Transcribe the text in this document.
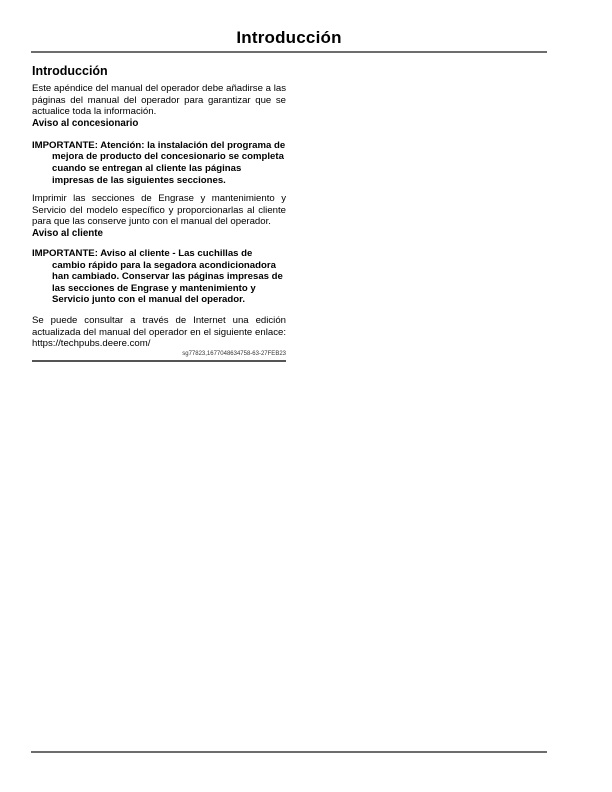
Introducción
Introducción

Este apéndice del manual del operador debe añadirse a las páginas del manual del operador para garantizar que se actualice toda la información.

Aviso al concesionario

IMPORTANTE: Atención: la instalación del programa de mejora de producto del concesionario se completa cuando se entregan al cliente las páginas impresas de las siguientes secciones.

Imprimir las secciones de Engrase y mantenimiento y Servicio del modelo específico y proporcionarlas al cliente para que las conserve junto con el manual del operador.

Aviso al cliente

IMPORTANTE: Aviso al cliente - Las cuchillas de cambio rápido para la segadora acondicionadora han cambiado. Conservar las páginas impresas de las secciones de Engrase y mantenimiento y Servicio junto con el manual del operador.

Se puede consultar a través de Internet una edición actualizada del manual del operador en el siguiente enlace: https://techpubs.deere.com/

sg77823,1677048634758-63-27FEB23
